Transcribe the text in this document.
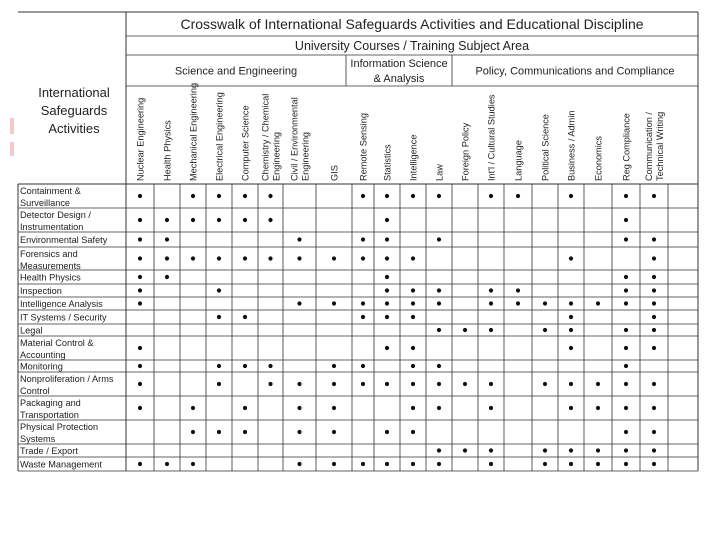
International
Safeguards
Activities
Crosswalk of International Safeguards Activities and Educational Discipline
University Courses / Training Subject Area
Science and Engineering
Information Science
& Analysis
Policy, Communications and Compliance
Nuclear Engineering Health Physics Mechanical Engineering Electrical Engineering Computer Science Chemistry / Chemical Engineering Civil / Environmental Engineering GIS Remote Sensing Statistics Intelligence Law Foreign Policy Int'l / Cultural Studies Language Political Science Business / Admin Economics Reg Compliance Communication / Technical Writing
Containment &
Surveillance
Detector Design /
Instrumentation
Environmental Safety
Forensics and
Measurements
Health Physics
Inspection
Intelligence Analysis
IT Systems / Security
Legal
Material Control &
Accounting
Monitoring
Nonproliferation / Arms
Control
Packaging and
Transportation
Physical Protection
Systems
Trade / Export
Waste Management
